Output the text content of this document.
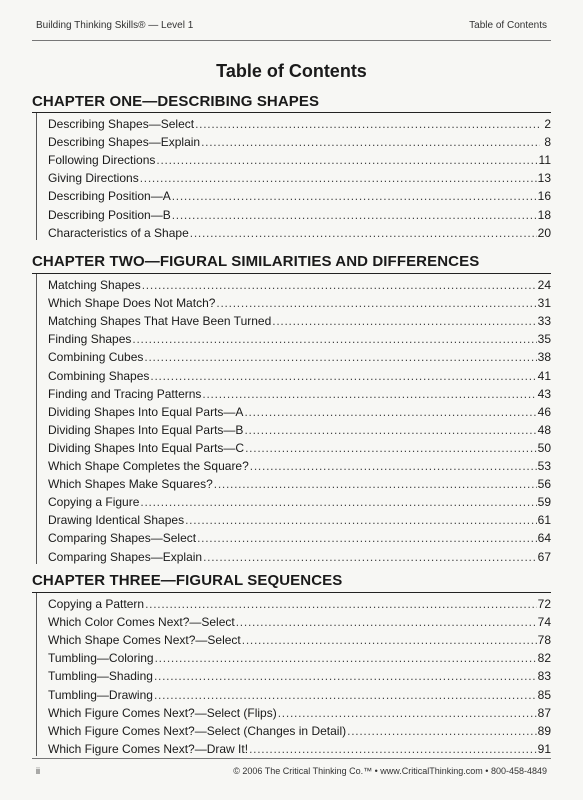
Building Thinking Skills® — Level 1	Table of Contents
Table of Contents
CHAPTER ONE—DESCRIBING SHAPES
Describing Shapes—Select . . .	2
Describing Shapes—Explain . . .	8
Following Directions . . .	11
Giving Directions . . .	13
Describing Position—A . . .	16
Describing Position—B . . .	18
Characteristics of a Shape . . .	20
CHAPTER TWO—FIGURAL SIMILARITIES AND DIFFERENCES
Matching Shapes . . .	24
Which Shape Does Not Match? . . .	31
Matching Shapes That Have Been Turned . . .	33
Finding Shapes . . .	35
Combining Cubes . . .	38
Combining Shapes . . .	41
Finding and Tracing Patterns . . .	43
Dividing Shapes Into Equal Parts—A . . .	46
Dividing Shapes Into Equal Parts—B . . .	48
Dividing Shapes Into Equal Parts—C . . .	50
Which Shape Completes the Square? . . .	53
Which Shapes Make Squares? . . .	56
Copying a Figure . . .	59
Drawing Identical Shapes . . .	61
Comparing Shapes—Select . . .	64
Comparing Shapes—Explain . . .	67
CHAPTER THREE—FIGURAL SEQUENCES
Copying a Pattern . . .	72
Which Color Comes Next?—Select . . .	74
Which Shape Comes Next?—Select . . .	78
Tumbling—Coloring . . .	82
Tumbling—Shading . . .	83
Tumbling—Drawing . . .	85
Which Figure Comes Next?—Select (Flips) . . .	87
Which Figure Comes Next?—Select (Changes in Detail) . . .	89
Which Figure Comes Next?—Draw It! . . .	91
ii	© 2006 The Critical Thinking Co.™ • www.CriticalThinking.com • 800-458-4849
